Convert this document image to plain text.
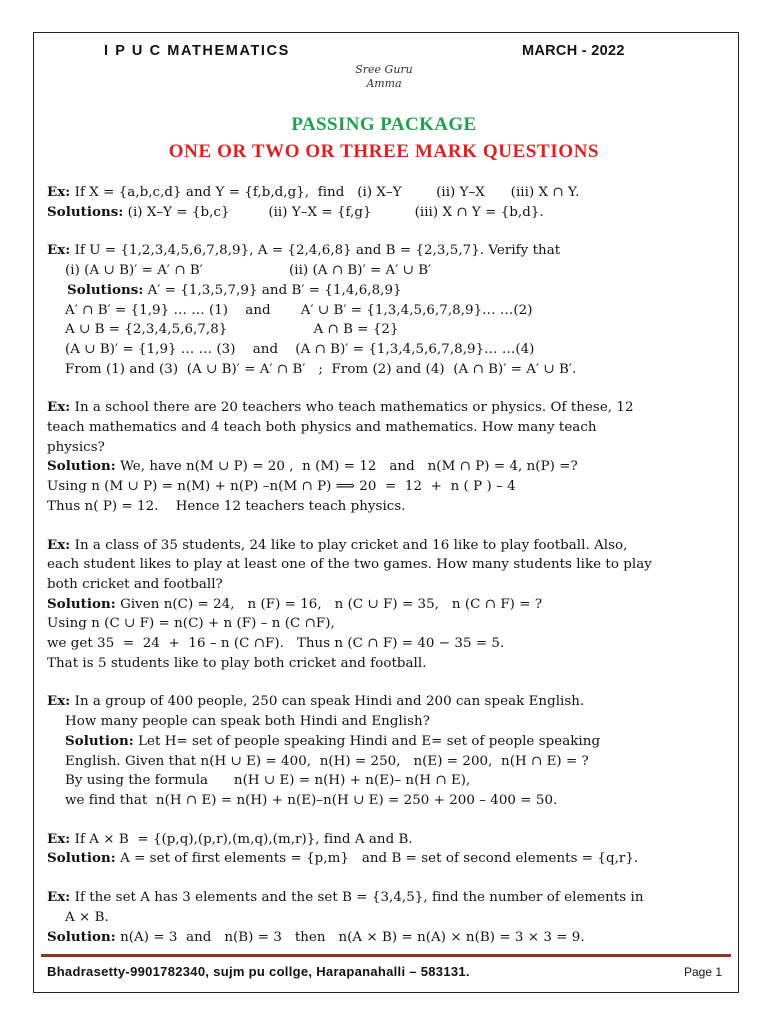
I P U C MATHEMATICS	MARCH - 2022
Sree Guru
Amma
PASSING PACKAGE
ONE OR TWO OR THREE MARK QUESTIONS
Ex: If X = {a,b,c,d} and Y = {f,b,d,g},  find   (i) X–Y        (ii) Y–X      (iii) X ∩ Y.
Solutions: (i) X–Y = {b,c}         (ii) Y–X = {f,g}          (iii) X ∩ Y = {b,d}.
Ex: If U = {1,2,3,4,5,6,7,8,9}, A = {2,4,6,8} and B = {2,3,5,7}. Verify that
(i) (A ∪ B)′ = A′ ∩ B′                    (ii) (A ∩ B)′ = A′ ∪ B′
Solutions: A′ = {1,3,5,7,9} and B′ = {1,4,6,8,9}
A′ ∩ B′ = {1,9} … … (1)    and       A′ ∪ B′ = {1,3,4,5,6,7,8,9}… …(2)
A ∪ B = {2,3,4,5,6,7,8}                    A ∩ B = {2}
(A ∪ B)′ = {1,9} … … (3)    and    (A ∩ B)′ = {1,3,4,5,6,7,8,9}… …(4)
From (1) and (3)  (A ∪ B)′ = A′ ∩ B′   ;  From (2) and (4)  (A ∩ B)′ = A′ ∪ B′.
Ex: In a school there are 20 teachers who teach mathematics or physics. Of these, 12
teach mathematics and 4 teach both physics and mathematics. How many teach
physics?
Solution: We, have n(M ∪ P) = 20 ,  n (M) = 12   and   n(M ∩ P) = 4, n(P) =?
Using n (M ∪ P) = n(M) + n(P) –n(M ∩ P) ⟹ 20  =  12  +  n ( P ) – 4
Thus n( P) = 12.    Hence 12 teachers teach physics.
Ex: In a class of 35 students, 24 like to play cricket and 16 like to play football. Also,
each student likes to play at least one of the two games. How many students like to play
both cricket and football?
Solution: Given n(C) = 24,   n (F) = 16,   n (C ∪ F) = 35,   n (C ∩ F) = ?
Using n (C ∪ F) = n(C) + n (F) – n (C ∩F),
we get 35  =  24  +  16 – n (C ∩F).   Thus n (C ∩ F) = 40 − 35 = 5.
That is 5 students like to play both cricket and football.
Ex: In a group of 400 people, 250 can speak Hindi and 200 can speak English.
How many people can speak both Hindi and English?
Solution: Let H= set of people speaking Hindi and E= set of people speaking
English. Given that n(H ∪ E) = 400,  n(H) = 250,   n(E) = 200,  n(H ∩ E) = ?
By using the formula      n(H ∪ E) = n(H) + n(E)– n(H ∩ E),
we find that  n(H ∩ E) = n(H) + n(E)–n(H ∪ E) = 250 + 200 – 400 = 50.
Ex: If A × B  = {(p,q),(p,r),(m,q),(m,r)}, find A and B.
Solution: A = set of first elements = {p,m}   and B = set of second elements = {q,r}.
Ex: If the set A has 3 elements and the set B = {3,4,5}, find the number of elements in
A × B.
Solution: n(A) = 3  and   n(B) = 3   then   n(A × B) = n(A) × n(B) = 3 × 3 = 9.
Bhadrasetty-9901782340, sujm pu collge, Harapanahalli – 583131.	Page 1
